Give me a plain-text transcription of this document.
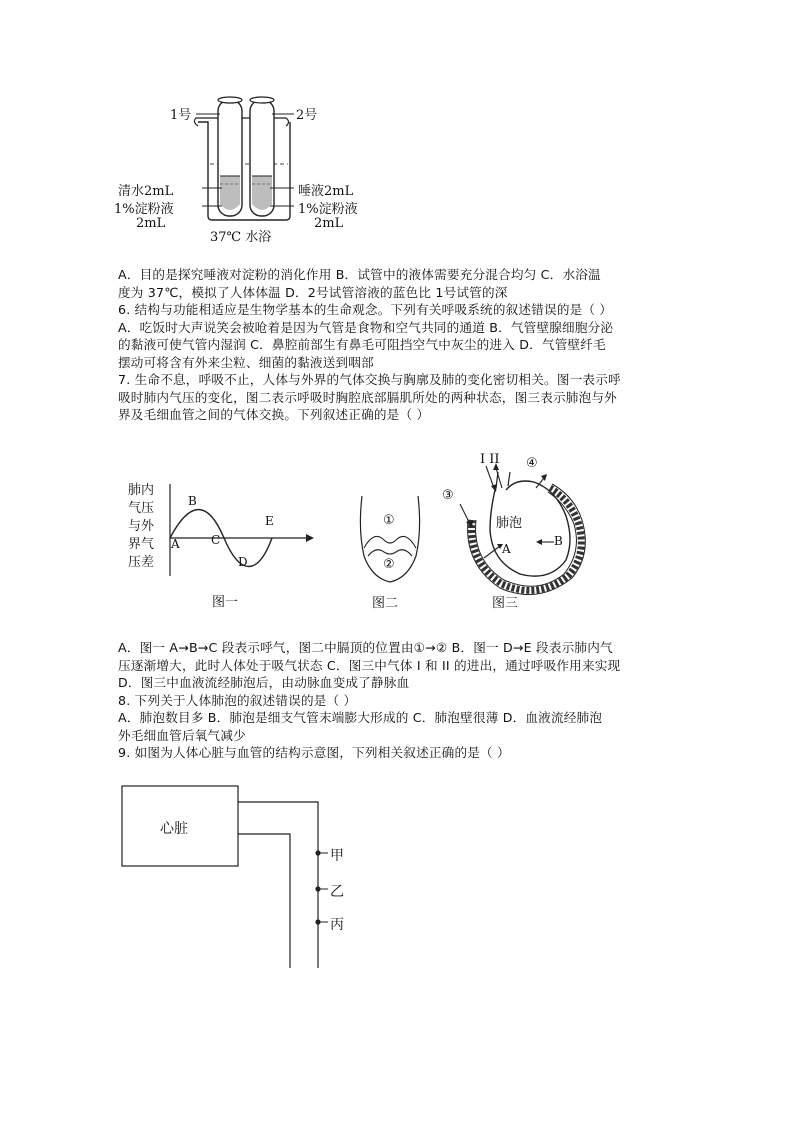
1号	2号
清水2mL
1%淀粉液
2mL
唾液2mL
1%淀粉液
2mL
37℃ 水浴
A．目的是探究唾液对淀粉的消化作用 B．试管中的液体需要充分混合均匀 C．水浴温
度为 37℃，模拟了人体体温 D．2号试管溶液的蓝色比 1号试管的深
6. 结构与功能相适应是生物学基本的生命观念。下列有关呼吸系统的叙述错误的是（ ）
A．吃饭时大声说笑会被呛着是因为气管是食物和空气共同的通道 B．气管壁腺细胞分泌
的黏液可使气管内湿润 C．鼻腔前部生有鼻毛可阻挡空气中灰尘的进入 D．气管壁纤毛
摆动可将含有外来尘粒、细菌的黏液送到咽部
7. 生命不息，呼吸不止，人体与外界的气体交换与胸廓及肺的变化密切相关。图一表示呼
吸时肺内气压的变化，图二表示呼吸时胸腔底部膈肌所处的两种状态，图三表示肺泡与外
界及毛细血管之间的气体交换。下列叙述正确的是（ ）
肺内
气压
与外
界气
压差
A
B
C
D
E
图一
①
②
图二
I II
③
④
肺泡
A
B
图三
A．图一 A→B→C 段表示呼气，图二中膈顶的位置由①→② B．图一 D→E 段表示肺内气
压逐渐增大，此时人体处于吸气状态 C．图三中气体 I 和 II 的进出，通过呼吸作用来实现
D．图三中血液流经肺泡后，由动脉血变成了静脉血
8. 下列关于人体肺泡的叙述错误的是（ ）
A．肺泡数目多 B．肺泡是细支气管末端膨大形成的 C．肺泡壁很薄 D．血液流经肺泡
外毛细血管后氧气减少
9. 如图为人体心脏与血管的结构示意图，下列相关叙述正确的是（ ）
心脏
甲
乙
丙
